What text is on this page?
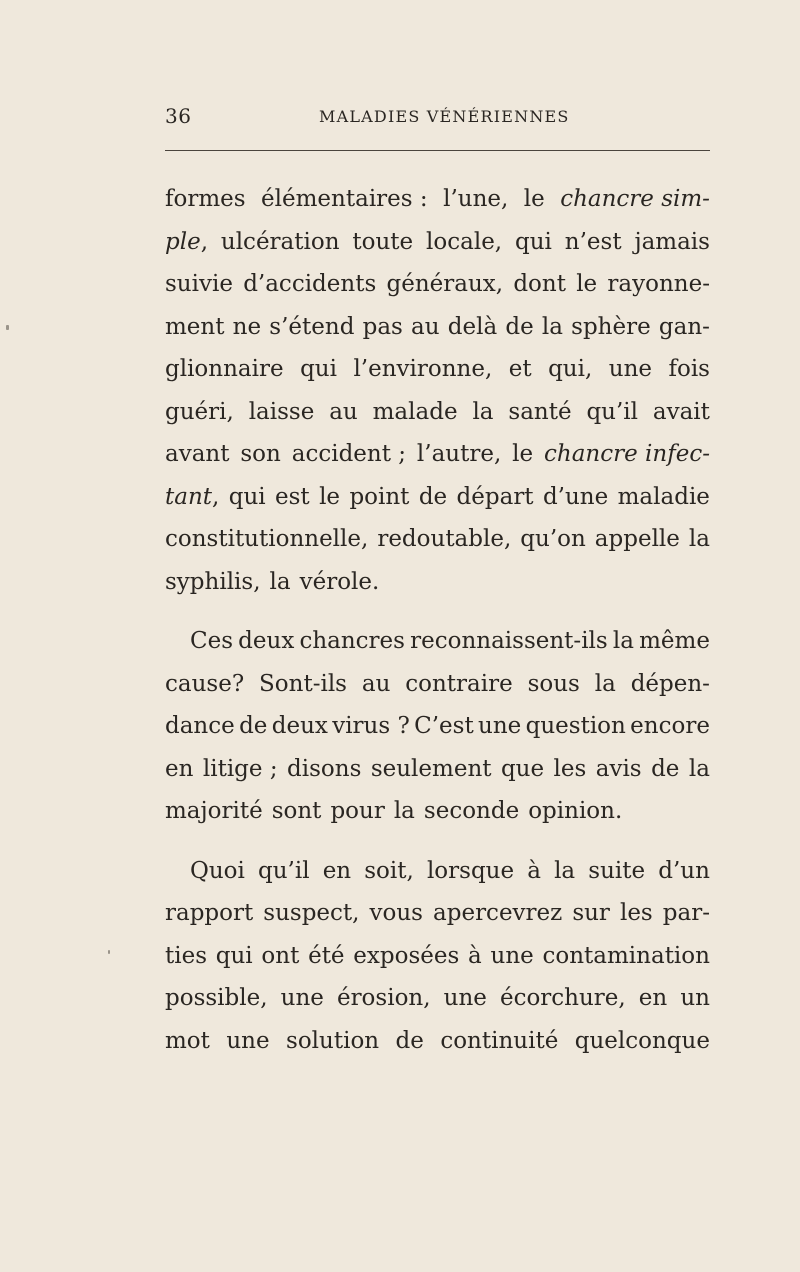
36	MALADIES VÉNÉRIENNES
formes élémentaires : l’une, le chancre sim-
ple, ulcération toute locale, qui n’est jamais
suivie d’accidents généraux, dont le rayonne-
ment ne s’étend pas au delà de la sphère gan-
glionnaire qui l’environne, et qui, une fois
guéri, laisse au malade la santé qu’il avait
avant son accident ; l’autre, le chancre infec-
tant, qui est le point de départ d’une maladie
constitutionnelle, redoutable, qu’on appelle la
syphilis, la vérole.
Ces deux chancres reconnaissent-ils la même
cause? Sont-ils au contraire sous la dépen-
dance de deux virus ? C’est une question encore
en litige ; disons seulement que les avis de la
majorité sont pour la seconde opinion.
Quoi qu’il en soit, lorsque à la suite d’un
rapport suspect, vous apercevrez sur les par-
ties qui ont été exposées à une contamination
possible, une érosion, une écorchure, en un
mot une solution de continuité quelconque
